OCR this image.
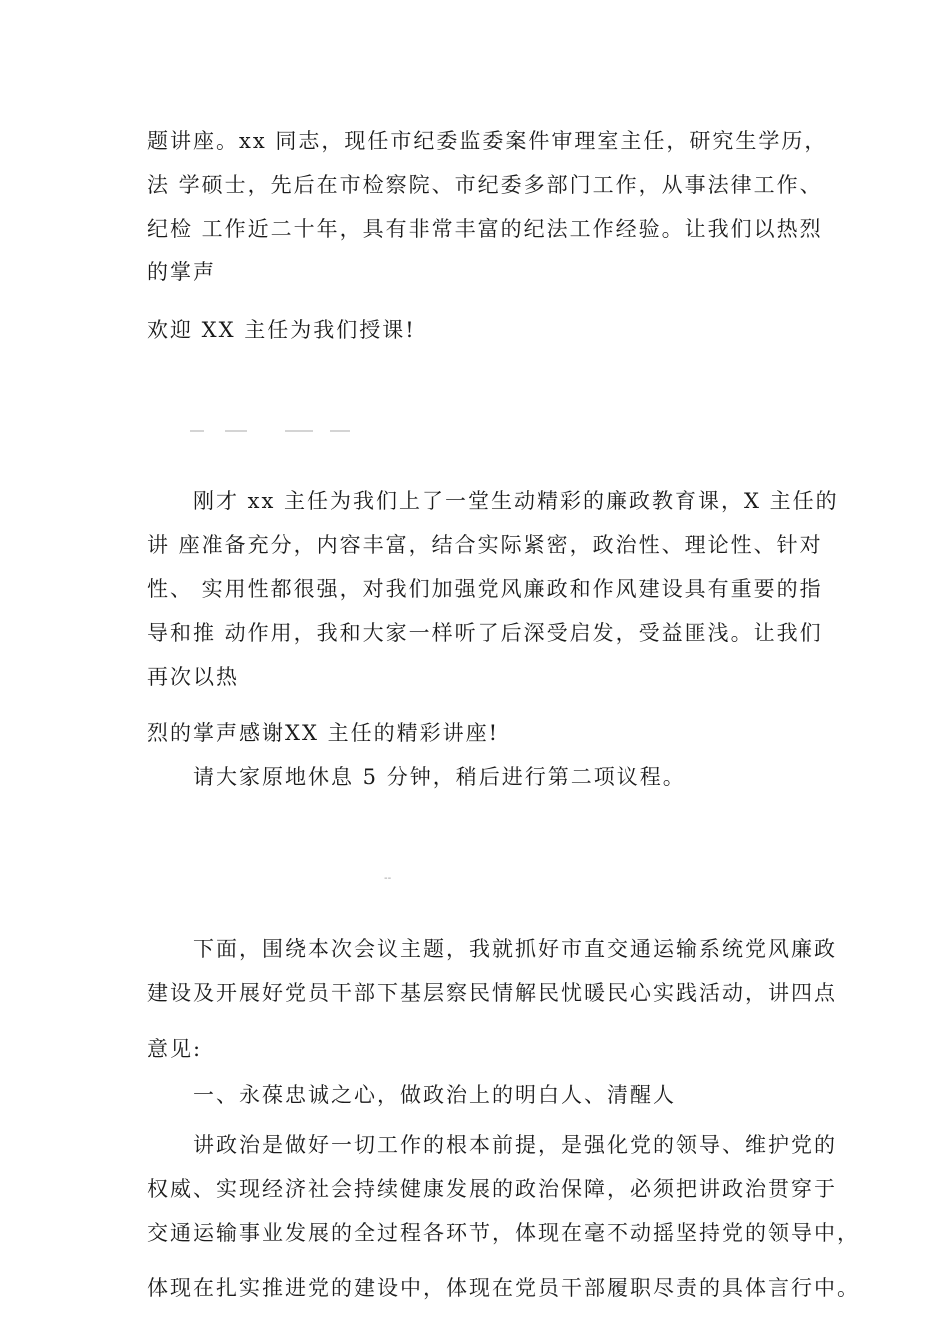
题讲座。xx 同志，现任市纪委监委案件审理室主任，研究生学历，
法 学硕士，先后在市检察院、市纪委多部门工作，从事法律工作、
纪检 工作近二十年，具有非常丰富的纪法工作经验。让我们以热烈
的掌声
欢迎 XX 主任为我们授课!
刚才 xx 主任为我们上了一堂生动精彩的廉政教育课，X 主任的
讲 座准备充分，内容丰富，结合实际紧密，政治性、理论性、针对
性、 实用性都很强，对我们加强党风廉政和作风建设具有重要的指
导和推 动作用，我和大家一样听了后深受启发，受益匪浅。让我们
再次以热
烈的掌声感谢XX 主任的精彩讲座!
请大家原地休息 5 分钟，稍后进行第二项议程。
--
下面，围绕本次会议主题，我就抓好市直交通运输系统党风廉政
建设及开展好党员干部下基层察民情解民忧暖民心实践活动，讲四点
意见:
一、永葆忠诚之心，做政治上的明白人、清醒人
讲政治是做好一切工作的根本前提，是强化党的领导、维护党的
权威、实现经济社会持续健康发展的政治保障，必须把讲政治贯穿于
交通运输事业发展的全过程各环节，体现在毫不动摇坚持党的领导中，
体现在扎实推进党的建设中，体现在党员干部履职尽责的具体言行中。
